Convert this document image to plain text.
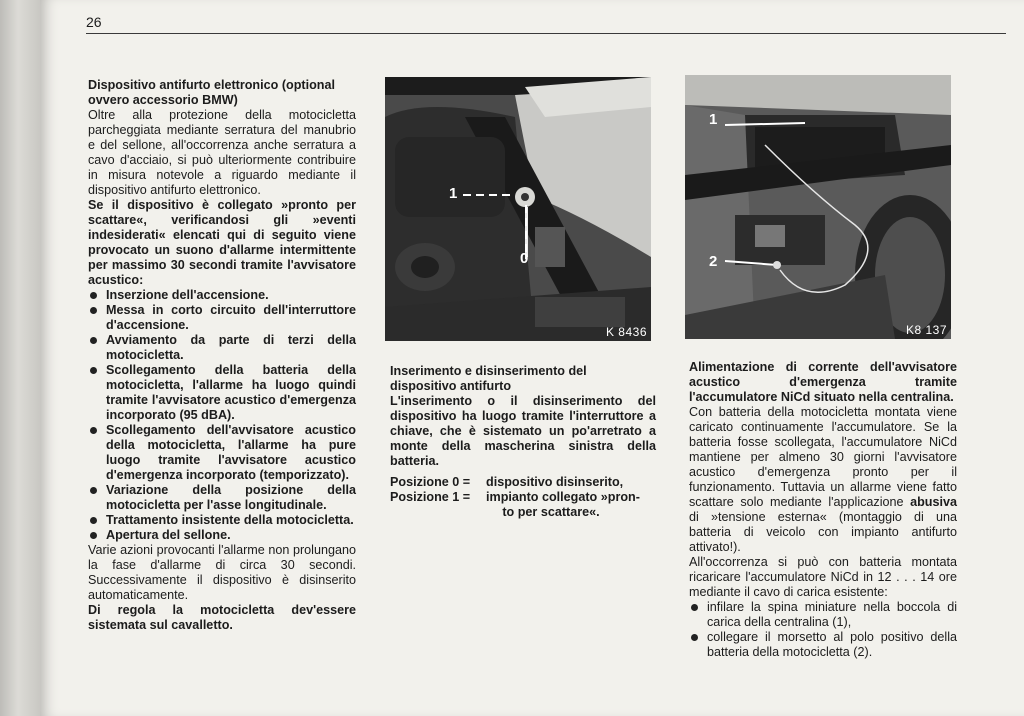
26

Dispositivo antifurto elettronico (optional ovvero accessorio BMW)

Oltre alla protezione della motocicletta parcheggiata mediante serratura del manubrio e del sellone, all'occorrenza anche serratura a cavo d'acciaio, si può ulteriormente contribuire in misura notevole a riguardo mediante il dispositivo antifurto elettronico.

Se il dispositivo è collegato »pronto per scattare«, verificandosi gli »eventi indesiderati« elencati qui di seguito viene provocato un suono d'allarme intermittente per massimo 30 secondi tramite l'avvisatore acustico:

Inserzione dell'accensione.
Messa in corto circuito dell'interruttore d'accensione.
Avviamento da parte di terzi della motocicletta.
Scollegamento della batteria della motocicletta, l'allarme ha luogo quindi tramite l'avvisatore acustico d'emergenza incorporato (95 dBA).
Scollegamento dell'avvisatore acustico della motocicletta, l'allarme ha pure luogo tramite l'avvisatore acustico d'emergenza incorporato (temporizzato).
Variazione della posizione della motocicletta per l'asse longitudinale.
Trattamento insistente della motocicletta.
Apertura del sellone.

Varie azioni provocanti l'allarme non prolungano la fase d'allarme di circa 30 secondi. Successivamente il dispositivo è disinserito automaticamente.

Di regola la motocicletta dev'essere sistemata sul cavalletto.

1
0
K 8436
1
2
K8 137

Inserimento e disinserimento del dispositivo antifurto

L'inserimento o il disinserimento del dispositivo ha luogo tramite l'interruttore a chiave, che è sistemato un po'arretrato a monte della mascherina sinistra della batteria.

Posizione 0 =	dispositivo disinserito,
Posizione 1 =	impianto collegato »pron-
to per scattare«.

Alimentazione di corrente dell'avvisatore acustico d'emergenza tramite l'accumulatore NiCd situato nella centralina.

Con batteria della motocicletta montata viene caricato continuamente l'accumulatore. Se la batteria fosse scollegata, l'accumulatore NiCd mantiene per almeno 30 giorni l'avvisatore acustico d'emergenza pronto per il funzionamento. Tuttavia un allarme viene fatto scattare solo mediante l'applicazione abusiva di »tensione esterna« (montaggio di una batteria di veicolo con impianto antifurto attivato!).

All'occorrenza si può con batteria montata ricaricare l'accumulatore NiCd in 12 . . . 14 ore mediante il cavo di carica esistente:

infilare la spina miniature nella boccola di carica della centralina (1),
collegare il morsetto al polo positivo della batteria della motocicletta (2).
